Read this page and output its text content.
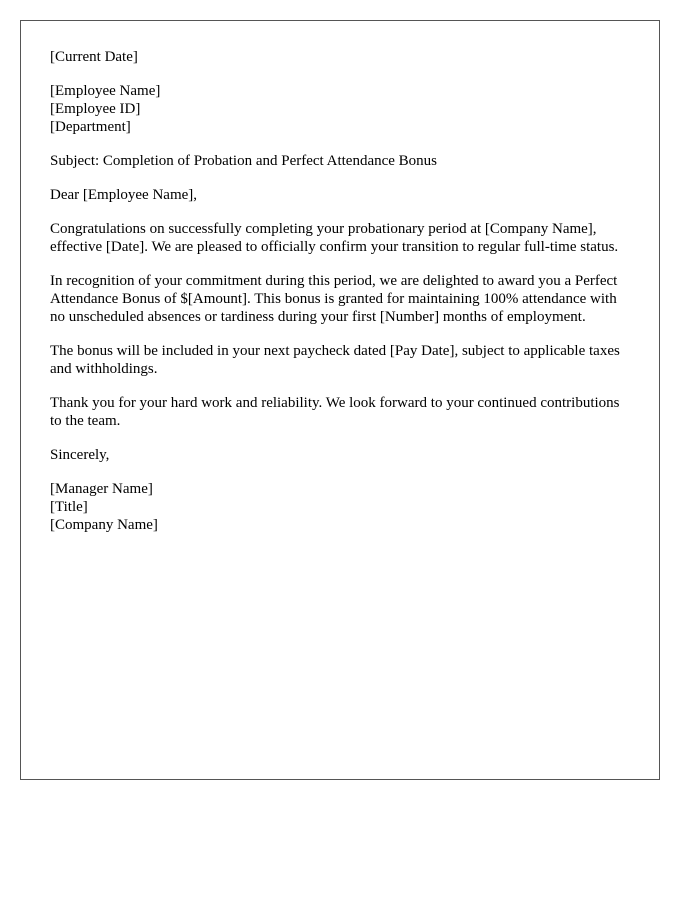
[Current Date]

[Employee Name]

[Employee ID]

[Department]

Subject: Completion of Probation and Perfect Attendance Bonus

Dear [Employee Name],

Congratulations on successfully completing your probationary period at [Company Name], effective [Date]. We are pleased to officially confirm your transition to regular full-time status.

In recognition of your commitment during this period, we are delighted to award you a Perfect Attendance Bonus of $[Amount]. This bonus is granted for maintaining 100% attendance with no unscheduled absences or tardiness during your first [Number] months of employment.

The bonus will be included in your next paycheck dated [Pay Date], subject to applicable taxes and withholdings.

Thank you for your hard work and reliability. We look forward to your continued contributions to the team.

Sincerely,

[Manager Name]

[Title]

[Company Name]
